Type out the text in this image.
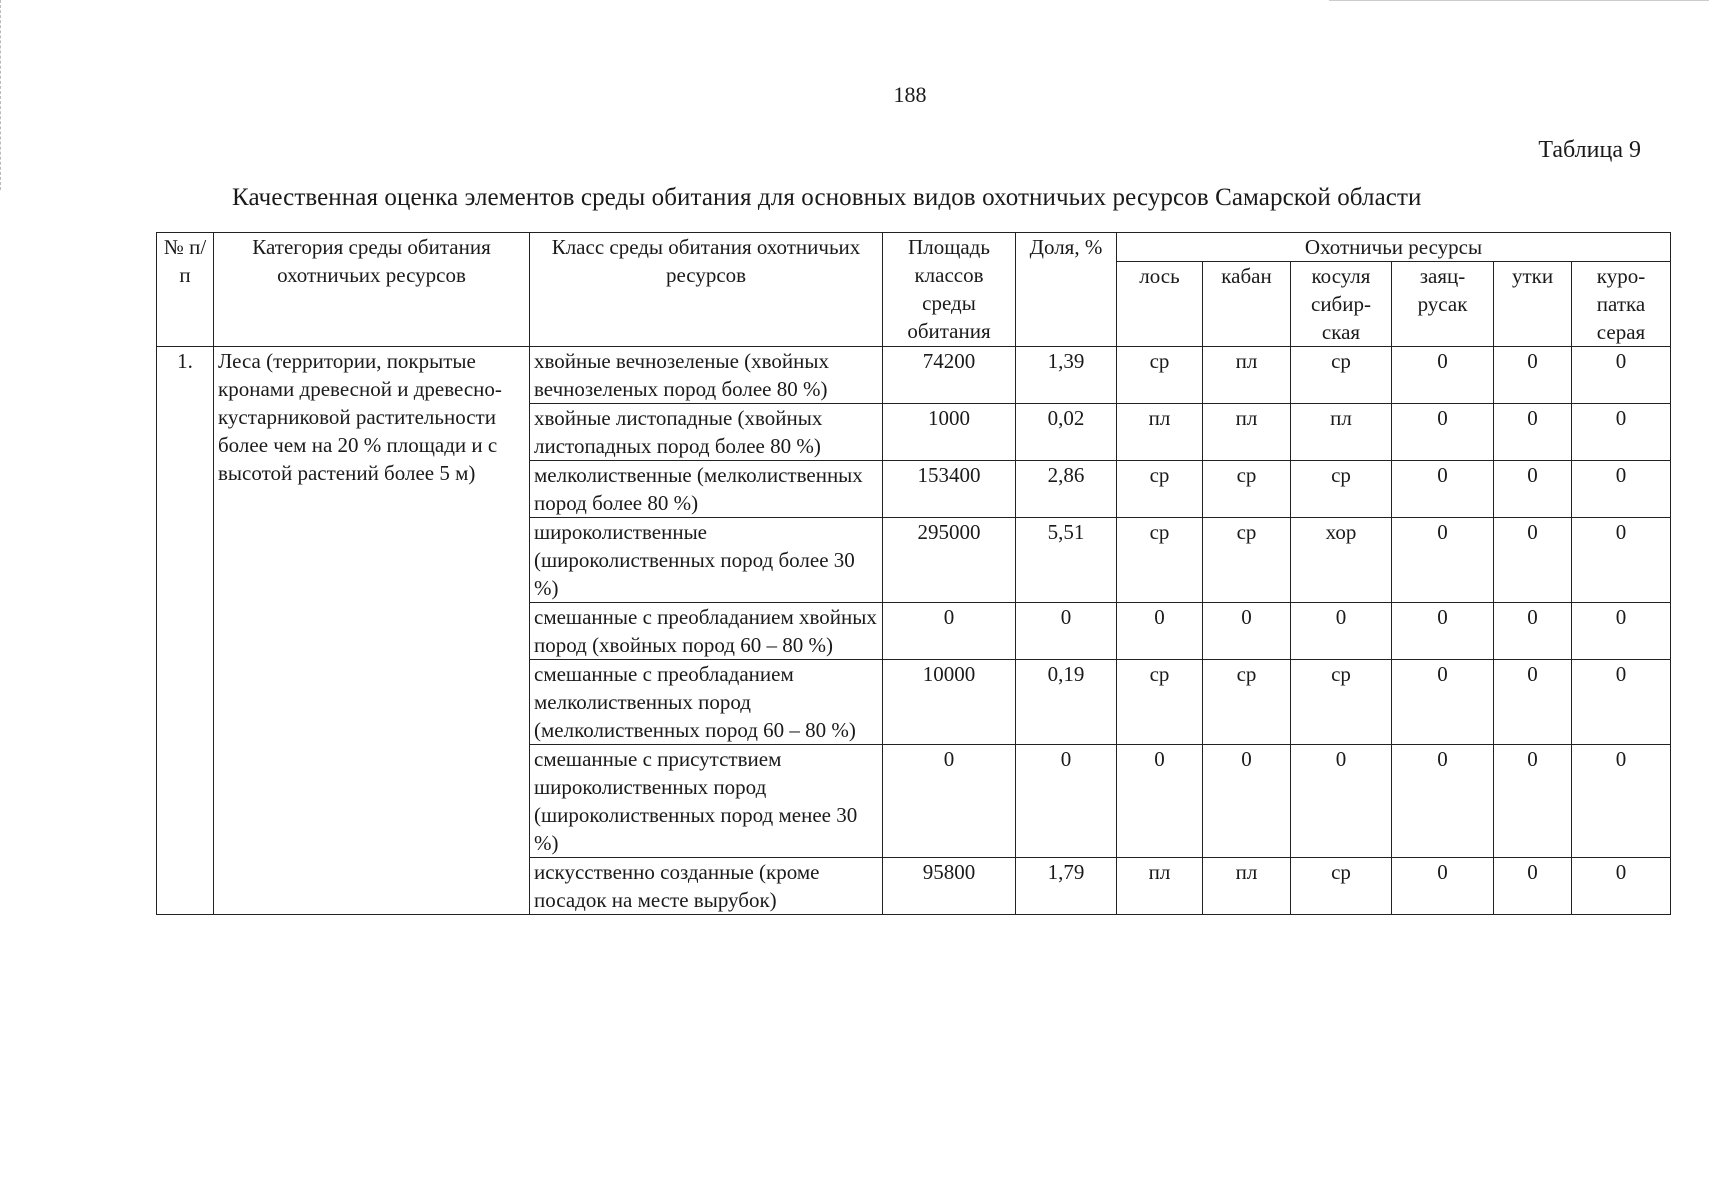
188
Таблица 9
Качественная оценка элементов среды обитания для основных видов охотничьих ресурсов Самарской области
№ п/п	Категория среды обитания охотничьих ресурсов	Класс среды обитания охотничьих ресурсов	Площадь классов среды обитания	Доля, %	Охотничьи ресурсы					
					лось	кабан	косуля сибир-ская	заяц-русак	утки	куро-патка серая
1.	Леса (территории, покрытые кронами древесной и древесно-кустарниковой растительности более чем на 20 % площади и с высотой растений более 5 м)	хвойные вечнозеленые (хвойных вечнозеленых пород более 80 %)	74200	1,39	ср	пл	ср	0	0	0
		хвойные листопадные (хвойных листопадных пород более 80 %)	1000	0,02	пл	пл	пл	0	0	0
		мелколиственные (мелколиственных пород более 80 %)	153400	2,86	ср	ср	ср	0	0	0
		широколиственные (широколиственных пород более 30 %)	295000	5,51	ср	ср	хор	0	0	0
		смешанные с преобладанием хвойных пород (хвойных пород 60 – 80 %)	0	0	0	0	0	0	0	0
		смешанные с преобладанием мелколиственных пород (мелколиственных пород 60 – 80 %)	10000	0,19	ср	ср	ср	0	0	0
		смешанные с присутствием широколиственных пород (широколиственных пород менее 30 %)	0	0	0	0	0	0	0	0
		искусственно созданные (кроме посадок на месте вырубок)	95800	1,79	пл	пл	ср	0	0	0
